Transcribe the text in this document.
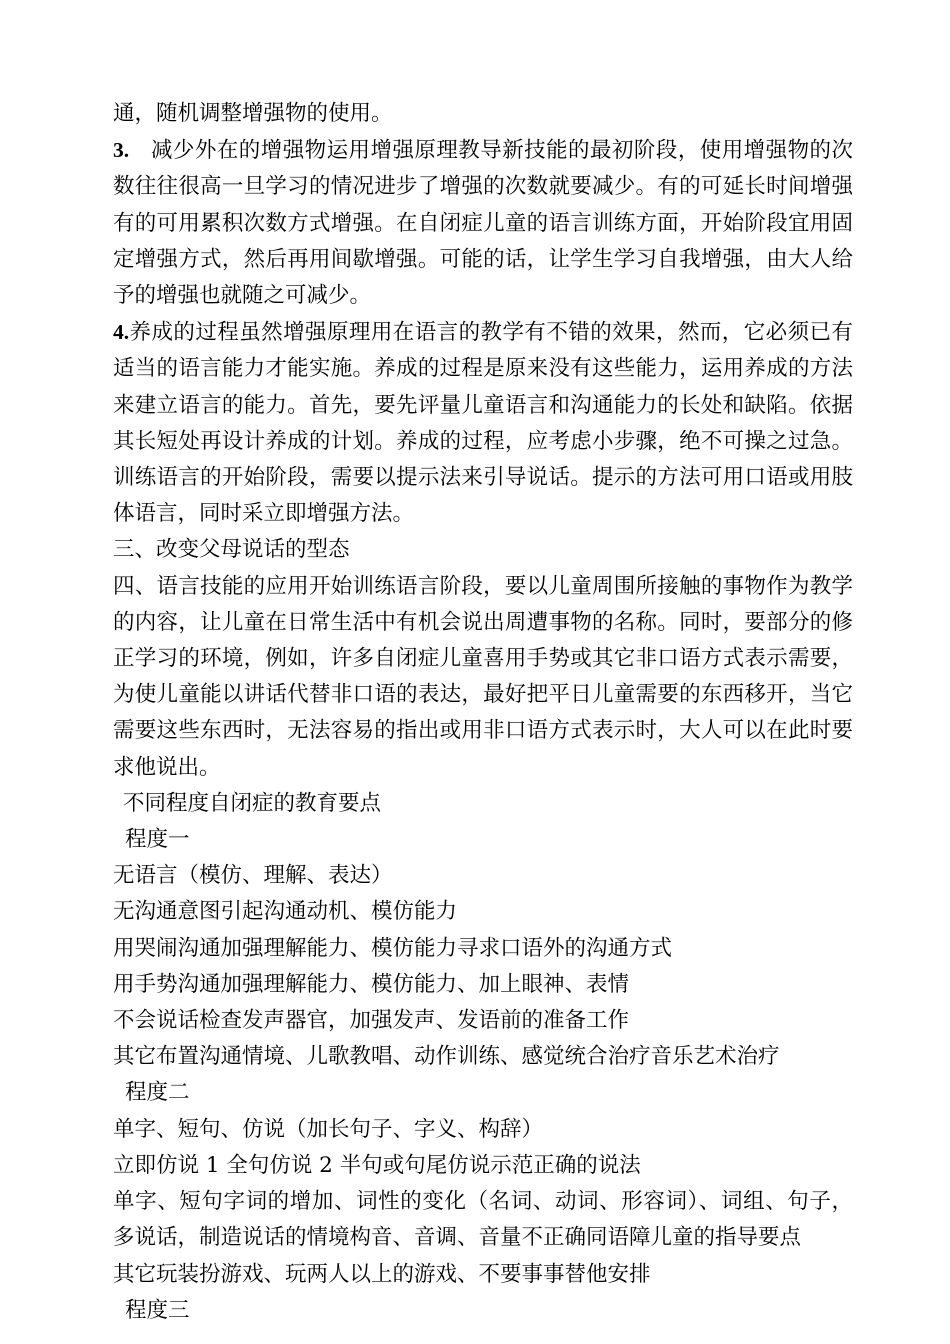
通，随机调整增强物的使用。

3. 减少外在的增强物运用增强原理教导新技能的最初阶段，使用增强物的次数往往很高一旦学习的情况进步了增强的次数就要减少。有的可延长时间增强有的可用累积次数方式增强。在自闭症儿童的语言训练方面，开始阶段宜用固定增强方式，然后再用间歇增强。可能的话，让学生学习自我增强，由大人给予的增强也就随之可减少。

4.养成的过程虽然增强原理用在语言的教学有不错的效果，然而，它必须已有适当的语言能力才能实施。养成的过程是原来没有这些能力，运用养成的方法来建立语言的能力。首先，要先评量儿童语言和沟通能力的长处和缺陷。依据其长短处再设计养成的计划。养成的过程，应考虑小步骤，绝不可操之过急。训练语言的开始阶段，需要以提示法来引导说话。提示的方法可用口语或用肢体语言，同时采立即增强方法。

三、改变父母说话的型态

四、语言技能的应用开始训练语言阶段，要以儿童周围所接触的事物作为教学的内容，让儿童在日常生活中有机会说出周遭事物的名称。同时，要部分的修正学习的环境，例如，许多自闭症儿童喜用手势或其它非口语方式表示需要，为使儿童能以讲话代替非口语的表达，最好把平日儿童需要的东西移开，当它需要这些东西时，无法容易的指出或用非口语方式表示时，大人可以在此时要求他说出。

不同程度自闭症的教育要点

程度一

无语言（模仿、理解、表达）

无沟通意图引起沟通动机、模仿能力

用哭闹沟通加强理解能力、模仿能力寻求口语外的沟通方式

用手势沟通加强理解能力、模仿能力、加上眼神、表情

不会说话检查发声器官，加强发声、发语前的准备工作

其它布置沟通情境、儿歌教唱、动作训练、感觉统合治疗音乐艺术治疗

程度二

单字、短句、仿说（加长句子、字义、构辞）

立即仿说 1 全句仿说 2 半句或句尾仿说示范正确的说法

单字、短句字词的增加、词性的变化（名词、动词、形容词）、词组、句子，多说话，制造说话的情境构音、音调、音量不正确同语障儿童的指导要点

其它玩装扮游戏、玩两人以上的游戏、不要事事替他安排

程度三
